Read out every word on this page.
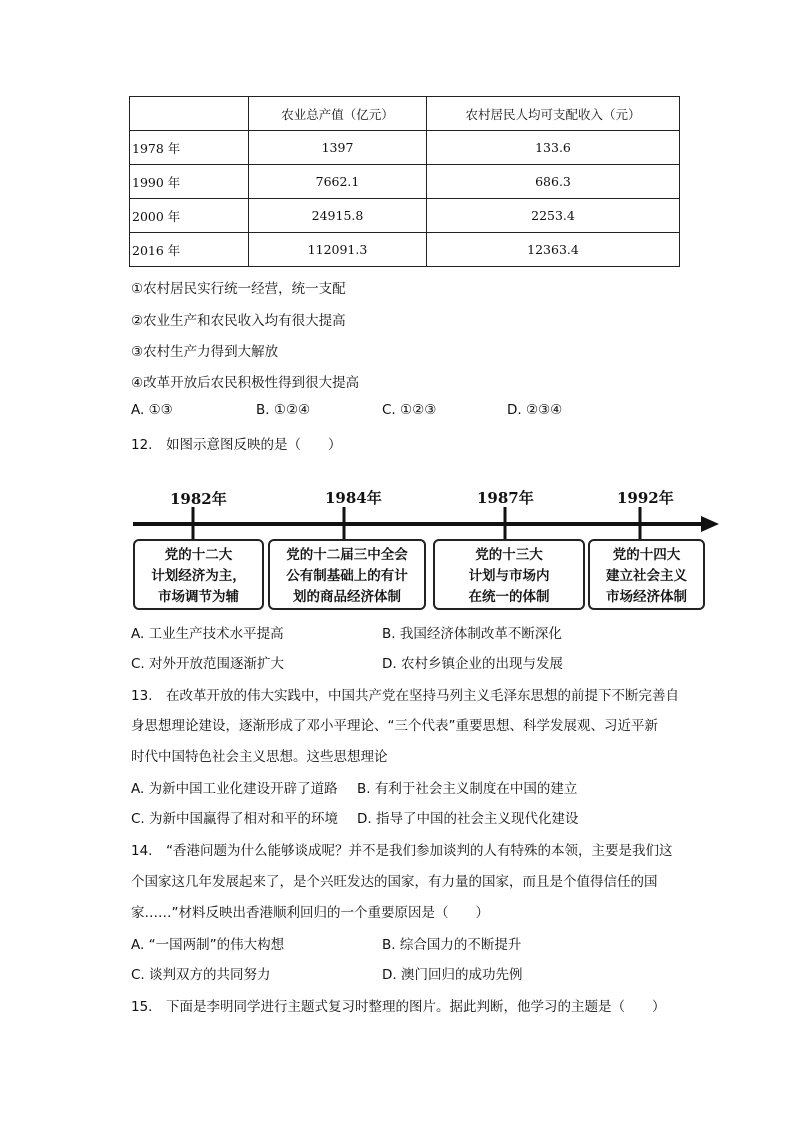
	农业总产值（亿元）	农村居民人均可支配收入（元）
1978 年	1397	133.6
1990 年	7662.1	686.3
2000 年	24915.8	2253.4
2016 年	112091.3	12363.4
①农村居民实行统一经营，统一支配
②农业生产和农民收入均有很大提高
③农村生产力得到大解放
④改革开放后农民积极性得到很大提高
A. ①③	B. ①②④	C. ①②③	D. ②③④
12.　如图示意图反映的是（　　）
1982年	1984年	1987年	1992年
党的十二大
计划经济为主，
市场调节为辅
党的十二届三中全会
公有制基础上的有计
划的商品经济体制
党的十三大
计划与市场内
在统一的体制
党的十四大
建立社会主义
市场经济体制
A. 工业生产技术水平提高	B. 我国经济体制改革不断深化
C. 对外开放范围逐渐扩大	D. 农村乡镇企业的出现与发展
13.　在改革开放的伟大实践中，中国共产党在坚持马列主义毛泽东思想的前提下不断完善自
身思想理论建设，逐渐形成了邓小平理论、“三个代表”重要思想、科学发展观、习近平新
时代中国特色社会主义思想。这些思想理论
A. 为新中国工业化建设开辟了道路 B. 有利于社会主义制度在中国的建立
C. 为新中国赢得了相对和平的环境 D. 指导了中国的社会主义现代化建设
14.　“香港问题为什么能够谈成呢？并不是我们参加谈判的人有特殊的本领，主要是我们这
个国家这几年发展起来了，是个兴旺发达的国家，有力量的国家，而且是个值得信任的国
家……”材料反映出香港顺利回归的一个重要原因是（　　）
A. “一国两制”的伟大构想	B. 综合国力的不断提升
C. 谈判双方的共同努力	D. 澳门回归的成功先例
15.　下面是李明同学进行主题式复习时整理的图片。据此判断，他学习的主题是（　　）
